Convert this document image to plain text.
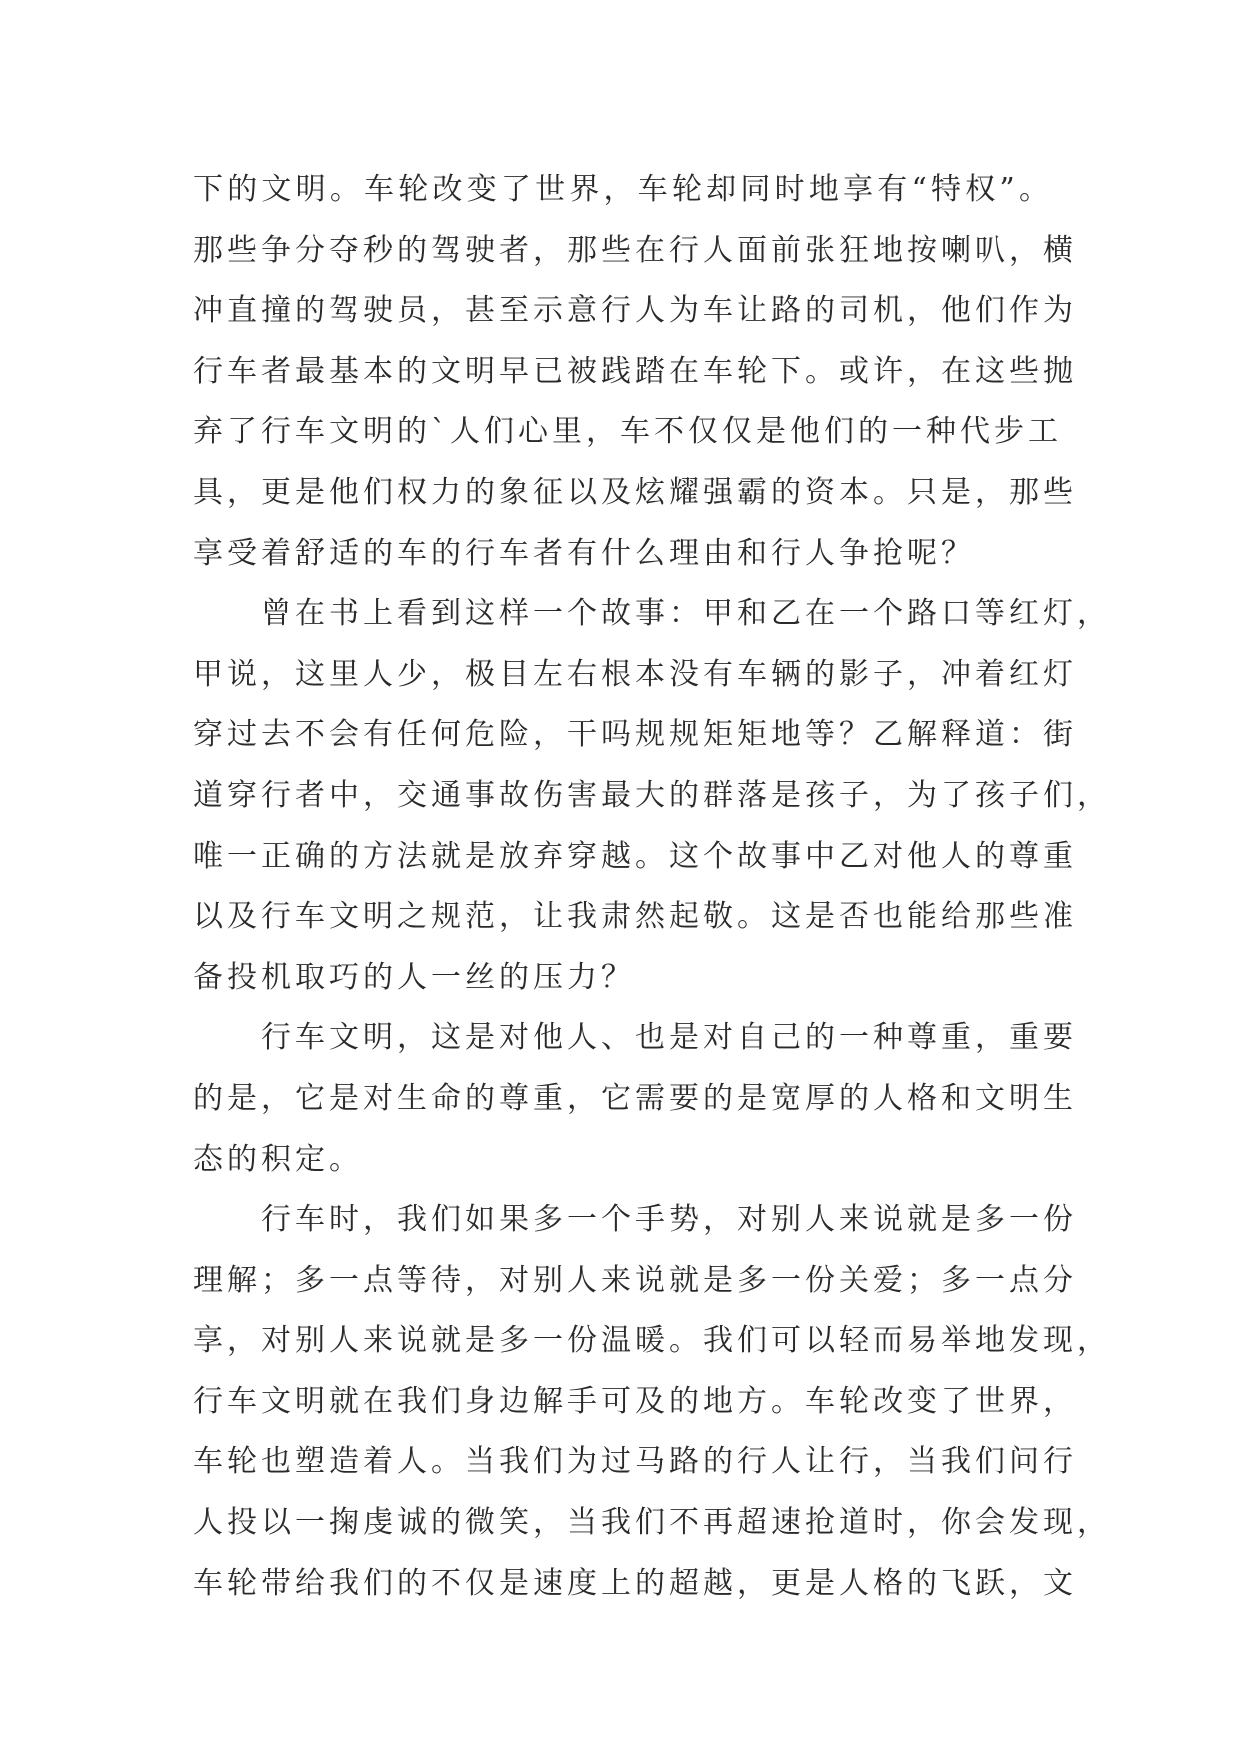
下的文明。车轮改变了世界，车轮却同时地享有“特权”。
那些争分夺秒的驾驶者，那些在行人面前张狂地按喇叭，横
冲直撞的驾驶员，甚至示意行人为车让路的司机，他们作为
行车者最基本的文明早已被践踏在车轮下。或许，在这些抛
弃了行车文明的`人们心里，车不仅仅是他们的一种代步工
具，更是他们权力的象征以及炫耀强霸的资本。只是，那些
享受着舒适的车的行车者有什么理由和行人争抢呢？
曾在书上看到这样一个故事：甲和乙在一个路口等红灯，
甲说，这里人少，极目左右根本没有车辆的影子，冲着红灯
穿过去不会有任何危险，干吗规规矩矩地等？乙解释道：街
道穿行者中，交通事故伤害最大的群落是孩子，为了孩子们，
唯一正确的方法就是放弃穿越。这个故事中乙对他人的尊重
以及行车文明之规范，让我肃然起敬。这是否也能给那些准
备投机取巧的人一丝的压力？
行车文明，这是对他人、也是对自己的一种尊重，重要
的是，它是对生命的尊重，它需要的是宽厚的人格和文明生
态的积定。
行车时，我们如果多一个手势，对别人来说就是多一份
理解；多一点等待，对别人来说就是多一份关爱；多一点分
享，对别人来说就是多一份温暖。我们可以轻而易举地发现，
行车文明就在我们身边解手可及的地方。车轮改变了世界，
车轮也塑造着人。当我们为过马路的行人让行，当我们问行
人投以一掬虔诚的微笑，当我们不再超速抢道时，你会发现，
车轮带给我们的不仅是速度上的超越，更是人格的飞跃，文
